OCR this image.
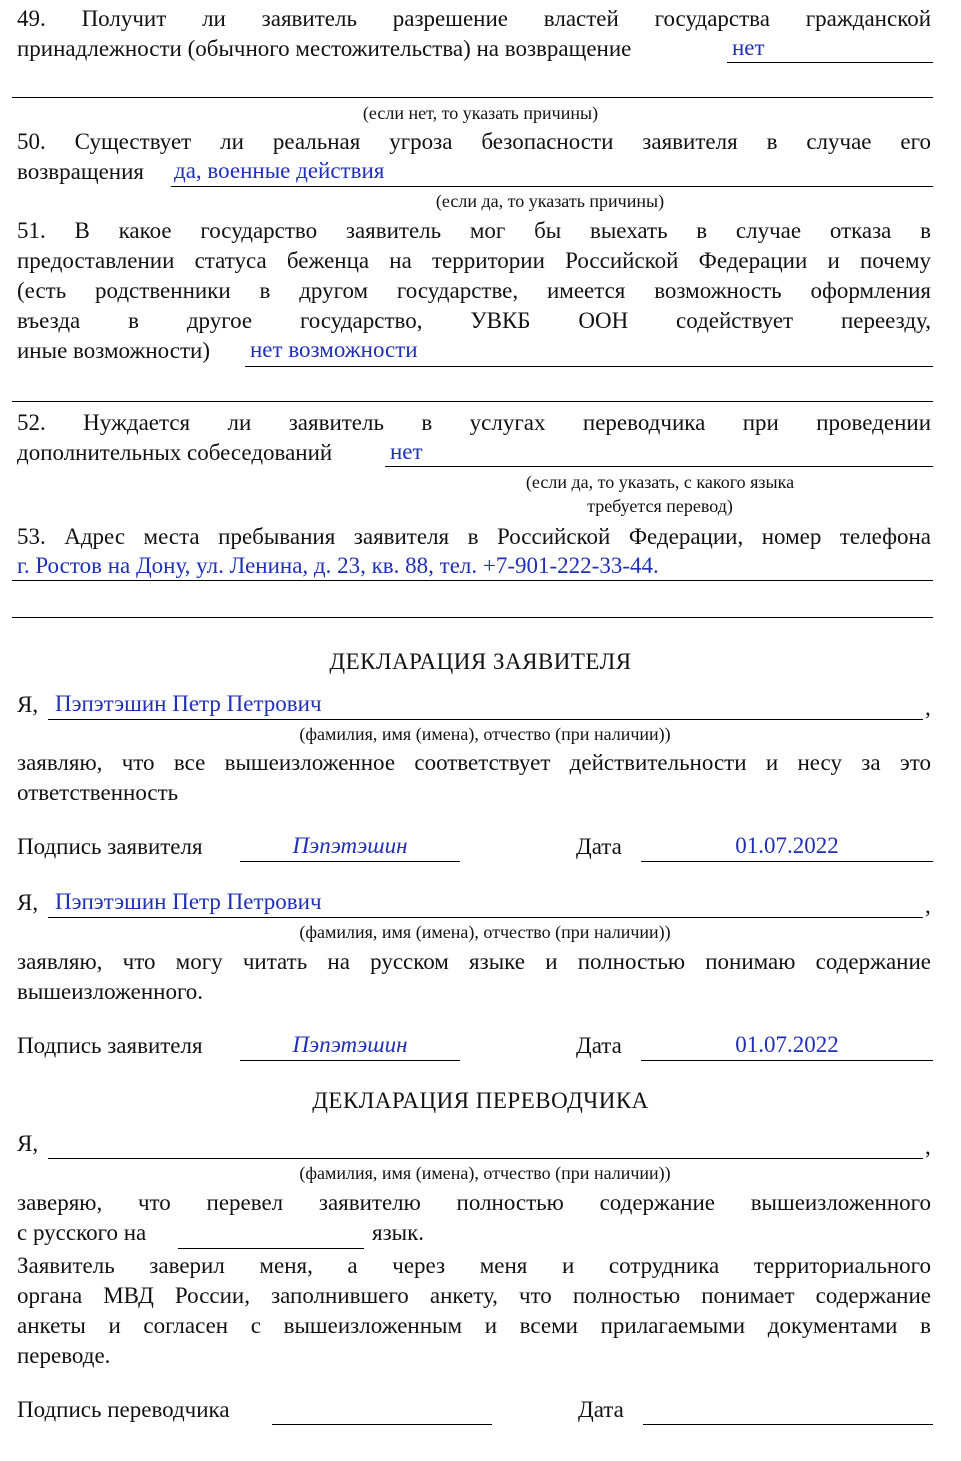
49. Получит ли заявитель разрешение властей государства гражданской
принадлежности (обычного местожительства) на возвращение	нет
(если нет, то указать причины)
50. Существует ли реальная угроза безопасности заявителя в случае его
возвращения да, военные действия
(если да, то указать причины)
51. В какое государство заявитель мог бы выехать в случае отказа в
предоставлении статуса беженца на территории Российской Федерации и почему
(есть родственники в другом государстве, имеется возможность оформления
въезда в другое государство, УВКБ ООН содействует переезду,
иные возможности) нет возможности
52. Нуждается ли заявитель в услугах переводчика при проведении
дополнительных собеседований	нет
(если да, то указать, с какого языка
требуется перевод)
53. Адрес места пребывания заявителя в Российской Федерации, номер телефона
г. Ростов на Дону, ул. Ленина, д. 23, кв. 88, тел. +7-901-222-33-44.
ДЕКЛАРАЦИЯ ЗАЯВИТЕЛЯ
Я, Пэпэтэшин Петр Петрович	,
(фамилия, имя (имена), отчество (при наличии))
заявляю, что все вышеизложенное соответствует действительности и несу за это
ответственность
Подпись заявителя	Пэпэтэшин	Дата	01.07.2022
Я, Пэпэтэшин Петр Петрович	,
(фамилия, имя (имена), отчество (при наличии))
заявляю, что могу читать на русском языке и полностью понимаю содержание
вышеизложенного.
Подпись заявителя	Пэпэтэшин	Дата	01.07.2022
ДЕКЛАРАЦИЯ ПЕРЕВОДЧИКА
Я,	,
(фамилия, имя (имена), отчество (при наличии))
заверяю, что перевел заявителю полностью содержание вышеизложенного
с русского на	язык.
Заявитель заверил меня, а через меня и сотрудника территориального
органа МВД России, заполнившего анкету, что полностью понимает содержание
анкеты и согласен с вышеизложенным и всеми прилагаемыми документами в
переводе.
Подпись переводчика	Дата
